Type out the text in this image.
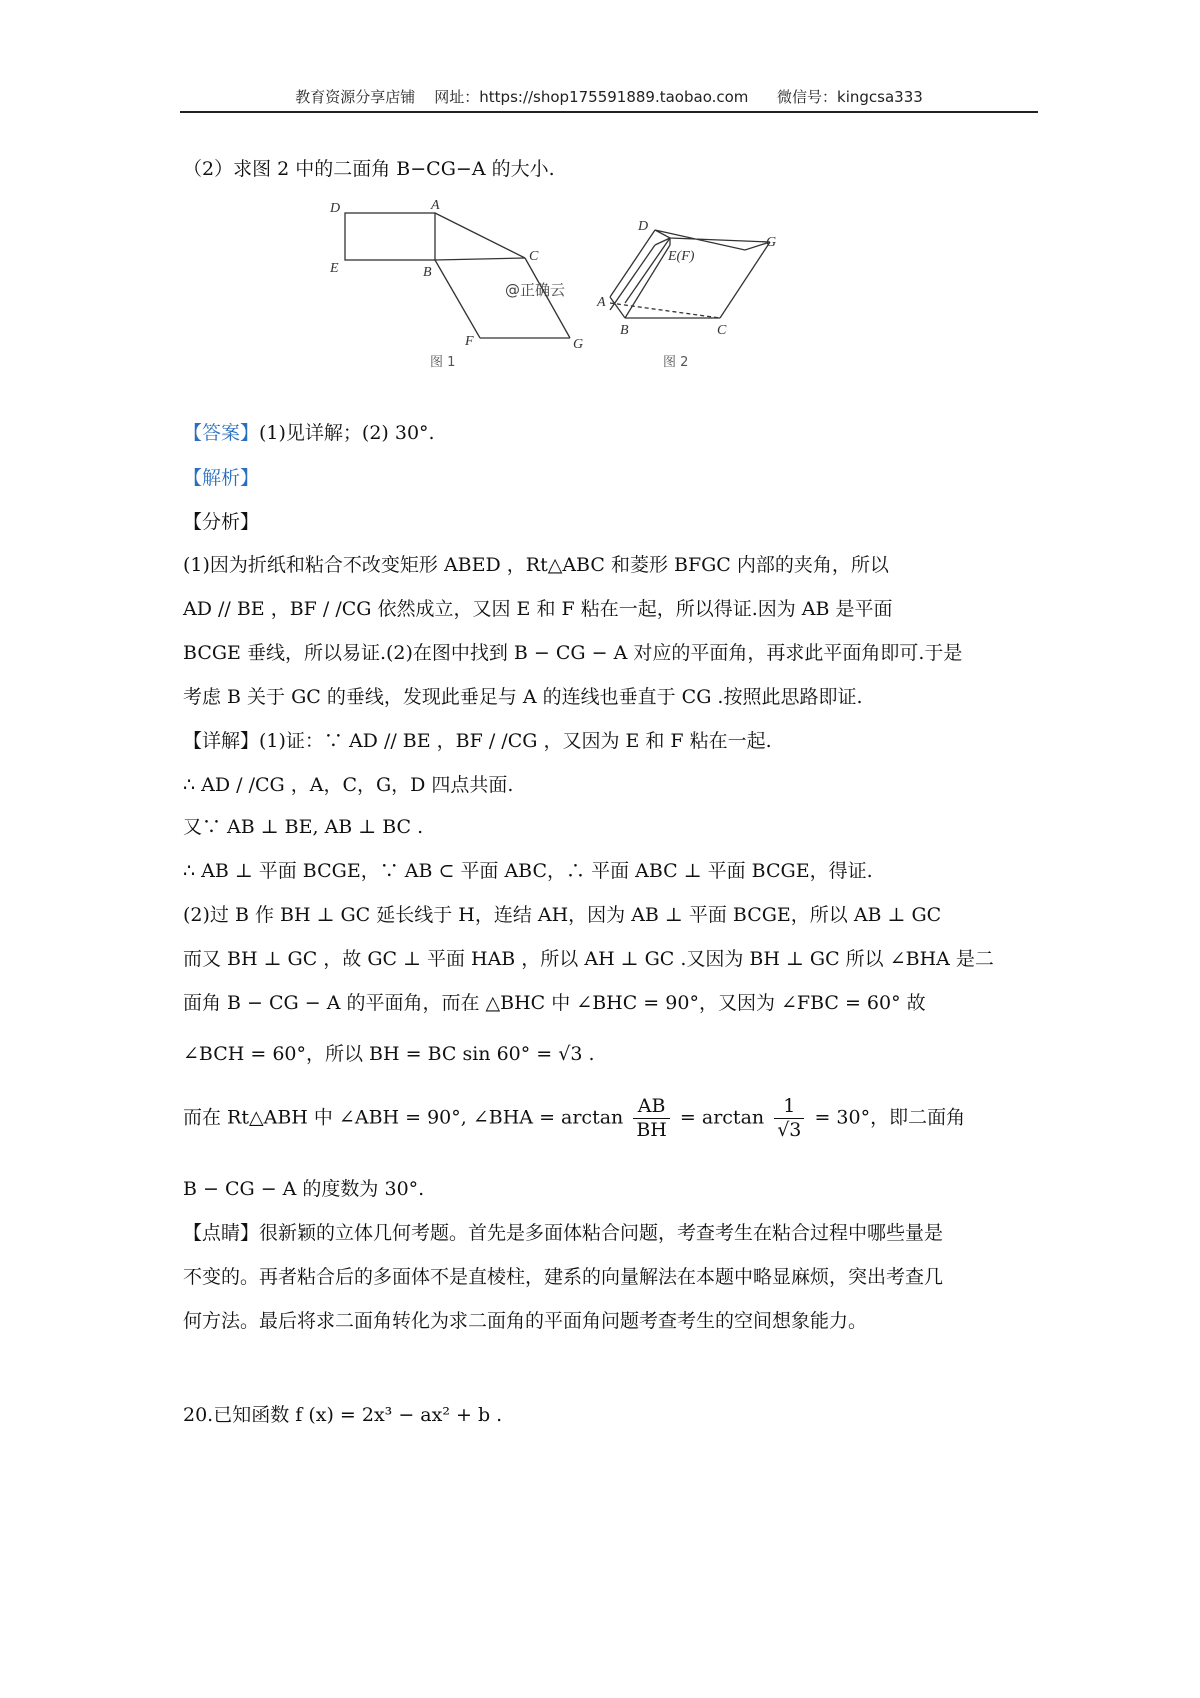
教育资源分享店铺 网址：https://shop175591889.taobao.com 微信号：kingcsa333
（2）求图 2 中的二面角 B−CG−A 的大小.
D	A
C
E	B
F	G
D
G
E(F)
A
B	C
@正确云
图 1	图 2
【答案】(1)见详解；(2) 30°.
【解析】
【分析】
(1)因为折纸和粘合不改变矩形 ABED ，Rt△ABC 和菱形 BFGC 内部的夹角，所以
AD // BE ，BF / /CG 依然成立，又因 E 和 F 粘在一起，所以得证.因为 AB 是平面
BCGE 垂线，所以易证.(2)在图中找到 B − CG − A 对应的平面角，再求此平面角即可.于是
考虑 B 关于 GC 的垂线，发现此垂足与 A 的连线也垂直于 CG .按照此思路即证.
【详解】(1)证：∵ AD // BE ，BF / /CG ，又因为 E 和 F 粘在一起.
∴ AD / /CG ，A，C，G，D 四点共面.
又∵ AB ⊥ BE, AB ⊥ BC .
∴ AB ⊥ 平面 BCGE，∵ AB ⊂ 平面 ABC，∴ 平面 ABC ⊥ 平面 BCGE，得证.
(2)过 B 作 BH ⊥ GC 延长线于 H，连结 AH，因为 AB ⊥ 平面 BCGE，所以 AB ⊥ GC
而又 BH ⊥ GC ，故 GC ⊥ 平面 HAB ，所以 AH ⊥ GC .又因为 BH ⊥ GC 所以 ∠BHA 是二
面角 B − CG − A 的平面角，而在 △BHC 中 ∠BHC = 90°，又因为 ∠FBC = 60° 故
∠BCH = 60°，所以 BH = BC sin 60° = √3 .
而在 Rt△ABH 中 ∠ABH = 90°, ∠BHA = $\arctan \frac{AB}{BH} = \arctan \frac{1}{√3} = 30^\circ$，即二面角
B − CG − A 的度数为 30°.
【点睛】很新颖的立体几何考题。首先是多面体粘合问题，考查考生在粘合过程中哪些量是
不变的。再者粘合后的多面体不是直棱柱，建系的向量解法在本题中略显麻烦，突出考查几
何方法。最后将求二面角转化为求二面角的平面角问题考查考生的空间想象能力。
20.已知函数 f (x) = 2x³ − ax² + b .
